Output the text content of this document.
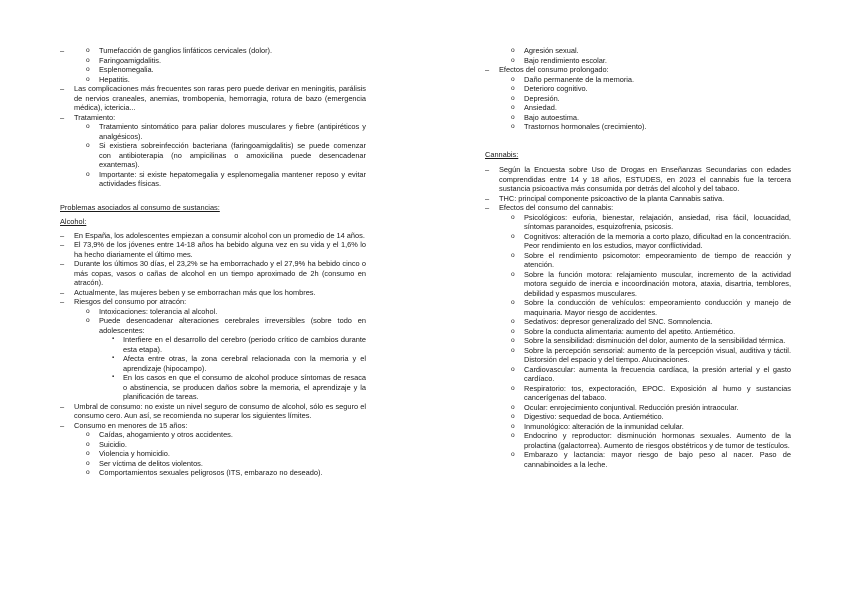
o – Tumefacción de ganglios linfáticos cervicales (dolor).
o Faringoamigdalitis.
o Esplenomegalia.
o Hepatitis.
– Las complicaciones más frecuentes son raras pero puede derivar en meningitis, parálisis de nervios craneales, anemias, trombopenia, hemorragia, rotura de bazo (emergencia médica), ictericia...
– Tratamiento:
o Tratamiento sintomático para paliar dolores musculares y fiebre (antipiréticos y analgésicos).
o Si existiera sobreinfección bacteriana (faringoamigdalitis) se puede comenzar con antibioterapia (no ampicilinas o amoxicilina puede desencadenar exantemas).
o Importante: si existe hepatomegalia y esplenomegalia mantener reposo y evitar actividades físicas.
Problemas asociados al consumo de sustancias:
Alcohol:
– En España, los adolescentes empiezan a consumir alcohol con un promedio de 14 años.
– El 73,9% de los jóvenes entre 14-18 años ha bebido alguna vez en su vida y el 1,6% lo ha hecho diariamente el último mes.
– Durante los últimos 30 días, el 23,2% se ha emborrachado y el 27,9% ha bebido cinco o más copas, vasos o cañas de alcohol en un tiempo aproximado de 2h (consumo en atracón).
– Actualmente, las mujeres beben y se emborrachan más que los hombres.
– Riesgos del consumo por atracón:
o Intoxicaciones: tolerancia al alcohol.
o Puede desencadenar alteraciones cerebrales irreversibles (sobre todo en adolescentes:
▪ Interfiere en el desarrollo del cerebro (periodo crítico de cambios durante esta etapa).
▪ Afecta entre otras, la zona cerebral relacionada con la memoria y el aprendizaje (hipocampo).
▪ En los casos en que el consumo de alcohol produce síntomas de resaca o abstinencia, se producen daños sobre la memoria, el aprendizaje y la planificación de tareas.
– Umbral de consumo: no existe un nivel seguro de consumo de alcohol, sólo es seguro el consumo cero. Aun así, se recomienda no superar los siguientes límites.
– Consumo en menores de 15 años:
o Caídas, ahogamiento y otros accidentes.
o Suicidio.
o Violencia y homicidio.
o Ser víctima de delitos violentos.
o Comportamientos sexuales peligrosos (ITS, embarazo no deseado).
o Agresión sexual.
o Bajo rendimiento escolar.
– Efectos del consumo prolongado:
o Daño permanente de la memoria.
o Deterioro cognitivo.
o Depresión.
o Ansiedad.
o Bajo autoestima.
o Trastornos hormonales (crecimiento).
Cannabis:
– Según la Encuesta sobre Uso de Drogas en Enseñanzas Secundarias con edades comprendidas entre 14 y 18 años, ESTUDES, en 2023 el cannabis fue la tercera sustancia psicoactiva más consumida por detrás del alcohol y del tabaco.
– THC: principal componente psicoactivo de la planta Cannabis sativa.
– Efectos del consumo del cannabis:
o Psicológicos: euforia, bienestar, relajación, ansiedad, risa fácil, locuacidad, síntomas paranoides, esquizofrenia, psicosis.
o Cognitivos: alteración de la memoria a corto plazo, dificultad en la concentración. Peor rendimiento en los estudios, mayor conflictividad.
o Sobre el rendimiento psicomotor: empeoramiento de tiempo de reacción y atención.
o Sobre la función motora: relajamiento muscular, incremento de la actividad motora seguido de inercia e incoordinación motora, ataxia, disartria, temblores, debilidad y espasmos musculares.
o Sobre la conducción de vehículos: empeoramiento conducción y manejo de maquinaria. Mayor riesgo de accidentes.
o Sedativos: depresor generalizado del SNC. Somnolencia.
o Sobre la conducta alimentaria: aumento del apetito. Antiemético.
o Sobre la sensibilidad: disminución del dolor, aumento de la sensibilidad térmica.
o Sobre la percepción sensorial: aumento de la percepción visual, auditiva y táctil. Distorsión del espacio y del tiempo. Alucinaciones.
o Cardiovascular: aumenta la frecuencia cardíaca, la presión arterial y el gasto cardíaco.
o Respiratorio: tos, expectoración, EPOC. Exposición al humo y sustancias cancerígenas del tabaco.
o Ocular: enrojecimiento conjuntival. Reducción presión intraocular.
o Digestivo: sequedad de boca. Antiemético.
o Inmunológico: alteración de la inmunidad celular.
o Endocrino y reproductor: disminución hormonas sexuales. Aumento de la prolactina (galactorrea). Aumento de riesgos obstétricos y de tumor de testículos.
o Embarazo y lactancia: mayor riesgo de bajo peso al nacer. Paso de cannabinoides a la leche.
